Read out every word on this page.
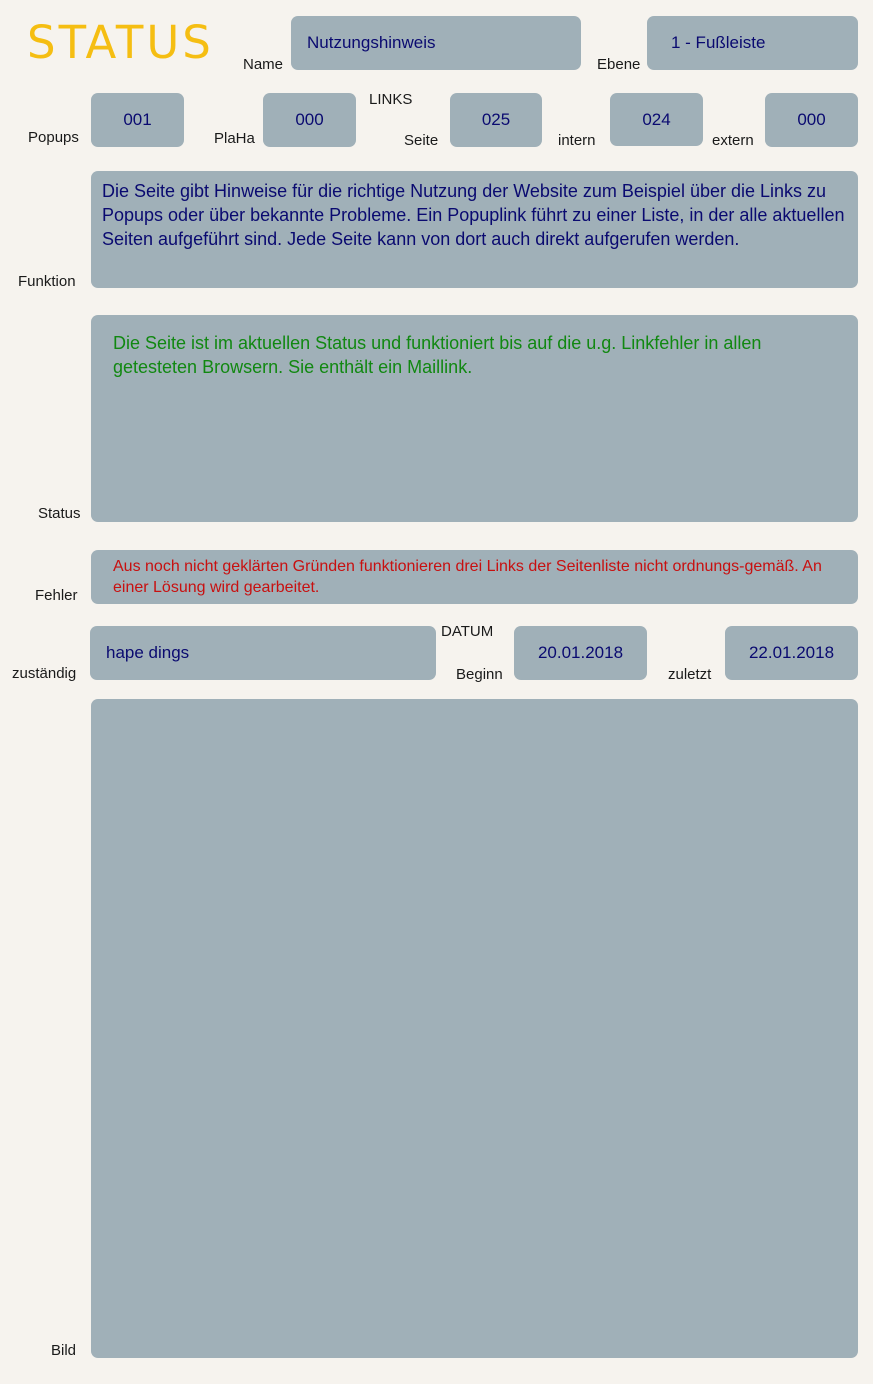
STATUS Name
Nutzungshinweis
Ebene
1 - Fußleiste
Popups
001
PlaHa
000
LINKS
Seite
025
intern
024
extern
000
Funktion
Die Seite gibt Hinweise für die richtige Nutzung der Website zum Beispiel über die Links zu Popups oder über bekannte Probleme. Ein Popuplink führt zu einer Liste, in der alle aktuellen Seiten aufgeführt sind. Jede Seite kann von dort auch direkt aufgerufen werden.
Status
Die Seite ist im aktuellen Status und funktioniert bis auf die u.g. Linkfehler in allen getesteten Browsern. Sie enthält ein Maillink.
Fehler
Aus noch nicht geklärten Gründen funktionieren drei Links der Seitenliste nicht ordnungs-gemäß. An einer Lösung wird gearbeitet.
zuständig
hape dings
DATUM
Beginn
20.01.2018
zuletzt
22.01.2018
Bild
